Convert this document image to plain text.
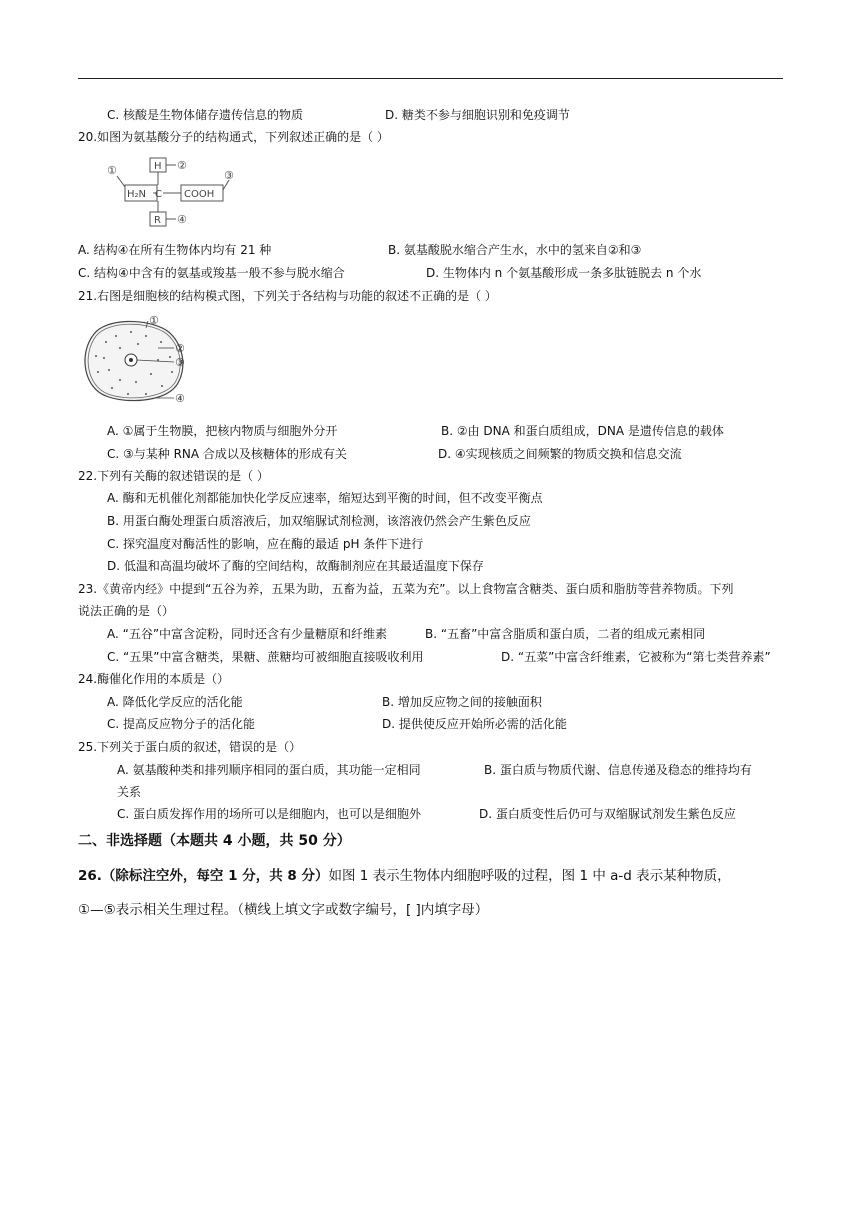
C. 核酸是生物体储存遗传信息的物质	D. 糖类不参与细胞识别和免疫调节
20.如图为氨基酸分子的结构通式，下列叙述正确的是（ ）
H
C
H₂N	COOH
R
①	②
③
④
A. 结构④在所有生物体内均有 21 种	B. 氨基酸脱水缩合产生水，水中的氢来自②和③
C. 结构④中含有的氨基或羧基一般不参与脱水缩合	D. 生物体内 n 个氨基酸形成一条多肽链脱去 n 个水
21.右图是细胞核的结构模式图，下列关于各结构与功能的叙述不正确的是（ ）
①
②
③
④
A. ①属于生物膜，把核内物质与细胞外分开	B. ②由 DNA 和蛋白质组成，DNA 是遗传信息的载体
C. ③与某种 RNA 合成以及核糖体的形成有关	D. ④实现核质之间频繁的物质交换和信息交流
22.下列有关酶的叙述错误的是（ ）
A. 酶和无机催化剂都能加快化学反应速率，缩短达到平衡的时间，但不改变平衡点
B. 用蛋白酶处理蛋白质溶液后，加双缩脲试剂检测，该溶液仍然会产生紫色反应
C. 探究温度对酶活性的影响，应在酶的最适 pH 条件下进行
D. 低温和高温均破坏了酶的空间结构，故酶制剂应在其最适温度下保存
23.《黄帝内经》中提到“五谷为养，五果为助，五畜为益，五菜为充”。以上食物富含糖类、蛋白质和脂肪等营养物质。下列
说法正确的是（）
A. “五谷”中富含淀粉，同时还含有少量糖原和纤维素	B. “五畜”中富含脂质和蛋白质，二者的组成元素相同
C. “五果”中富含糖类，果糖、蔗糖均可被细胞直接吸收利用	D. “五菜”中富含纤维素，它被称为“第七类营养素”
24.酶催化作用的本质是（）
A. 降低化学反应的活化能	B. 增加反应物之间的接触面积
C. 提高反应物分子的活化能	D. 提供使反应开始所必需的活化能
25.下列关于蛋白质的叙述，错误的是（）
A. 氨基酸种类和排列顺序相同的蛋白质，其功能一定相同	B. 蛋白质与物质代谢、信息传递及稳态的维持均有
关系
C. 蛋白质发挥作用的场所可以是细胞内，也可以是细胞外	D. 蛋白质变性后仍可与双缩脲试剂发生紫色反应
二、非选择题（本题共 4 小题，共 50 分）
26.（除标注空外，每空 1 分，共 8 分）如图 1 表示生物体内细胞呼吸的过程，图 1 中 a-d 表示某种物质，
①—⑤表示相关生理过程。（横线上填文字或数字编号，[ ]内填字母）
